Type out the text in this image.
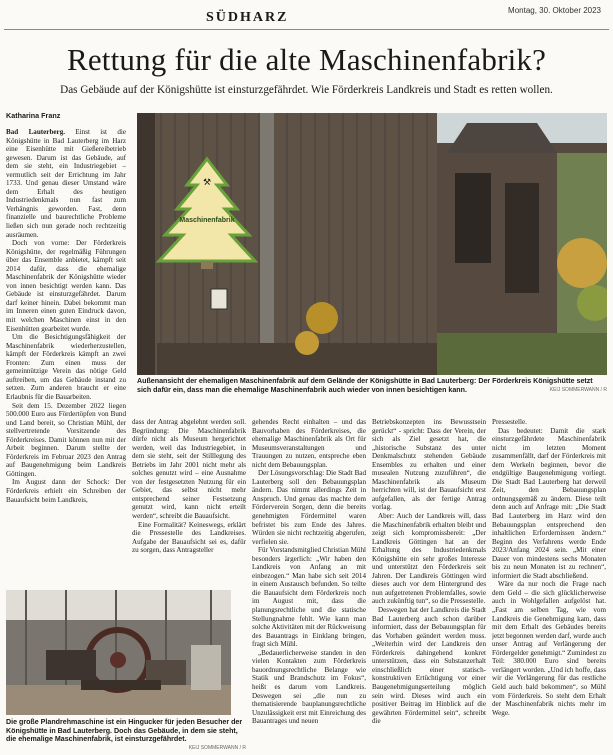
SÜDHARZ	Montag, 30. Oktober 2023
Rettung für die alte Maschinenfabrik?
Das Gebäude auf der Königshütte ist einsturzgefährdet. Wie Förderkreis Landkreis und Stadt es retten wollen.
Katharina Franz

Bad Lauterberg. Einst ist die Königshütte in Bad Lauterberg im Harz eine Eisenhütte mit Gießereibetrieb gewesen. Darum ist das Gebäude, auf dem sie steht, ein Industriegebiet – vermutlich seit der Errichtung im Jahr 1733. Und genau dieser Umstand wäre dem Erhalt des heutigen Industriedenkmals nun fast zum Verhängnis geworden. Fast, denn finanzielle und baurechtliche Probleme ließen sich nun gerade noch rechtzeitig ausräumen.

Doch von vorne: Der Förderkreis Königshütte, der regelmäßig Führungen über das Ensemble anbietet, kämpft seit 2014 dafür, dass die ehemalige Maschinenfabrik der Königshütte wieder von innen besichtigt werden kann. Das Gebäude ist einsturzgefährdet. Darum darf keiner hinein. Dabei bekommt man im Inneren einen guten Eindruck davon, mit welchen Maschinen einst in den Eisenhütten gearbeitet wurde.

Um die Besichtigungsfähigkeit der Maschinenfabrik wiederherzustellen, kämpft der Förderkreis kämpft an zwei Fronten: Zum einen muss der gemeinnützige Verein das nötige Geld auftreiben, um das Gebäude instand zu setzen. Zum anderen braucht er eine Erlaubnis für die Bauarbeiten.

Seit dem 15. Dezember 2022 liegen 500.000 Euro aus Fördertöpfen von Bund und Land bereit, so Christian Mühl, der stellvertretende Vorsitzende des Förderkreises. Damit können nun mit der Arbeit beginnen. Darum stellte der Förderkreis im Februar 2023 den Antrag auf Baugenehmigung beim Landkreis Göttingen.

Im August dann der Schock: Der Förderkreis erhielt ein Schreiben der Bauaufsicht beim Landkreis,

⚒
Maschinenfabrik
Außenansicht der ehemaligen Maschinenfabrik auf dem Gelände der Königshütte in Bad Lauterberg: Der Förderkreis Königshütte setzt sich dafür ein, dass man die ehemalige Maschinenfabrik auch wieder von innen besichtigen kann.	KEIJ SOMMERWANN / R

dass der Antrag abgelehnt werden soll. Begründung: Die Maschinenfabrik dürfe nicht als Museum hergerichtet werden, weil das Industriegebiet, in dem sie steht, seit der Stilllegung des Betriebs im Jahr 2001 nicht mehr als solches genutzt wird – eine Ausnahme von der festgesetzten Nutzung für ein Gebiet, das selbst nicht mehr entsprechend seiner Festsetzung genutzt wird, kann nicht erteilt werden“, schreibt die Bauaufsicht.

Eine Formalität? Keineswegs, erklärt die Pressestelle des Landkreises. Aufgabe der Bauaufsicht sei es, dafür zu sorgen, dass Antragsteller

gehendes Recht einhalten – und das Bauvorhaben des Förderkreises, die ehemalige Maschinenfabrik als Ort für Museumsveranstaltungen und Trauungen zu nutzen, entspreche eben nicht dem Bebauungsplan.

Der Lösungsvorschlag: Die Stadt Bad Lauterberg soll den Bebauungsplan ändern. Das nimmt allerdings Zeit in Anspruch. Und genau das machte dem Förderverein Sorgen, denn die bereits genehmigten Fördermittel waren befristet bis zum Ende des Jahres. Würden sie nicht rechtzeitig abgerufen, verfielen sie.

Für Vorstandsmitglied Christian Mühl besonders ärgerlich: „Wir haben den Landkreis von Anfang an mit einbezogen.“ Man habe sich seit 2014 in einem Austausch befunden. So teilte die Bauaufsicht dem Förderkreis noch im August mit, dass die planungsrechtliche und die statische Stellungnahme fehlt. Wie kann man solche Aktivitäten mit der Rückweisung des Bauantrags in Einklang bringen, fragt sich Mühl.

„Bedauerlicherweise standen in den vielen Kontakten zum Förderkreis bauordnungsrechtliche Belange wie Statik und Brandschutz im Fokus“, heißt es darum vom Landkreis. Deswegen sei „die nun zu thematisierende bauplanungsrechtliche Unzulässigkeit erst mit Einreichung des Bauantrages und neuen

Betriebskonzepten ins Bewusstsein gerückt“ - spricht: Dass der Verein, der sich als Ziel gesetzt hat, die „historische Substanz des unter Denkmalschutz stehenden Gebäude Ensembles zu erhalten und einer musealen Nutzung zuzuführen“, die Maschinenfabrik als Museum herrichten will, ist der Bauaufsicht erst aufgefallen, als der fertige Antrag vorlag.

Aber: Auch der Landkreis will, dass die Maschinenfabrik erhalten bleibt und zeigt sich kompromissbereit: „Der Landkreis Göttingen hat an der Erhaltung des Industriedenkmals Königshütte ein sehr großes Interesse und unterstützt den Förderkreis seit Jahren. Der Landkreis Göttingen wird dieses auch vor dem Hintergrund des nun aufgetretenen Problemfalles, sowie auch zukünftig tun“, so die Pressestelle.

Deswegen hat der Landkreis die Stadt Bad Lauterberg auch schon darüber informiert, dass der Bebauungsplan für das Vorhaben geändert werden muss. „Weiterhin wird der Landkreis den Förderkreis dahingehend konkret unterstützen, dass ein Substanzerhalt einschließlich einer statisch-konstruktiven Ertüchtigung vor einer Baugenehmigungserteilung möglich sein wird. Dieses wird auch ein positiver Beitrag im Hinblick auf die gewährten Fördermittel sein“, schreibt die

Pressestelle.

Das bedeutet: Damit die stark einsturzgefährdete Maschinenfabrik nicht im letzten Moment zusammenfällt, darf der Förderkreis mit dem Werkeln beginnen, bevor die endgültige Baugenehmigung vorliegt. Die Stadt Bad Lauterberg hat derweil Zeit, den Bebauungsplan ordnungsgemäß zu ändern. Diese teilt denn auch auf Anfrage mit: „Die Stadt Bad Lauterberg im Harz wird den Bebauungsplan entsprechend den inhaltlichen Erfordernissen ändern.“ Beginn des Verfahrens werde Ende 2023/Anfang 2024 sein. „Mit einer Dauer von mindestens sechs Monaten bis zu neun Monaten ist zu rechnen“, informiert die Stadt abschließend.

Wäre da nur noch die Frage nach dem Geld – die sich glücklicherweise auch in Wohlgefallen aufgelöst hat. „Fast am selben Tag, wie vom Landkreis die Genehmigung kam, dass mit dem Erhalt des Gebäudes bereits jetzt begonnen werden darf, wurde auch unser Antrag auf Verlängerung der Fördergelder genehmigt.“ Zumindest zu Teil: 380.000 Euro sind bereits verlängert worden. „Und ich hoffe, dass wir die Verlängerung für das restliche Geld auch bald bekommen“, so Mühl vom Förderkreis. So steht dem Erhalt der Maschinenfabrik nichts mehr im Wege.

Die große Plandrehmaschine ist ein Hingucker für jeden Besucher der Königshütte in Bad Lauterberg. Doch das Gebäude, in dem sie steht, die ehemalige Maschinenfabrik, ist einsturzgefährdet.
KEIJ SOMMERWANN / R
